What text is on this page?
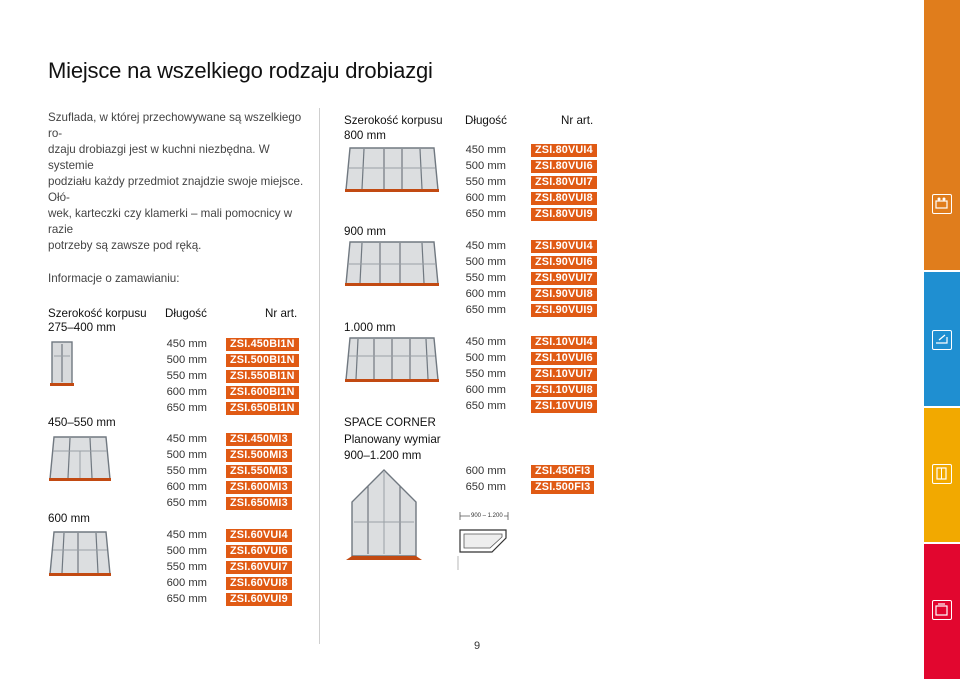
Miejsce na wszelkiego rodzaju drobiazgi

Szuflada, w której przechowywane są wszelkiego ro-
dzaju drobiazgi jest w kuchni niezbędna. W systemie
podziału każdy przedmiot znajdzie swoje miejsce. Ołó-
wek, karteczki czy klamerki – mali pomocnicy w razie
potrzeby są zawsze pod ręką.

Informacje o zamawianiu:
Szerokość korpusu Długość	Nr art.
Szerokość korpusu Długość	Nr art.
275–400 mm
450 mm	ZSI.450BI1N
500 mm	ZSI.500BI1N
550 mm	ZSI.550BI1N
600 mm	ZSI.600BI1N
650 mm	ZSI.650BI1N
450–550 mm
450 mm	ZSI.450MI3
500 mm	ZSI.500MI3
550 mm	ZSI.550MI3
600 mm	ZSI.600MI3
650 mm	ZSI.650MI3
600 mm
450 mm	ZSI.60VUI4
500 mm	ZSI.60VUI6
550 mm	ZSI.60VUI7
600 mm	ZSI.60VUI8
650 mm	ZSI.60VUI9
800 mm
450 mm	ZSI.80VUI4
500 mm	ZSI.80VUI6
550 mm	ZSI.80VUI7
600 mm	ZSI.80VUI8
650 mm	ZSI.80VUI9
900 mm
450 mm	ZSI.90VUI4
500 mm	ZSI.90VUI6
550 mm	ZSI.90VUI7
600 mm	ZSI.90VUI8
650 mm	ZSI.90VUI9
1.000 mm
450 mm	ZSI.10VUI4
500 mm	ZSI.10VUI6
550 mm	ZSI.10VUI7
600 mm	ZSI.10VUI8
650 mm	ZSI.10VUI9
600 mm	ZSI.450FI3
650 mm	ZSI.500FI3
900 – 1.200
SPACE CORNER
Planowany wymiar
900–1.200 mm
9
